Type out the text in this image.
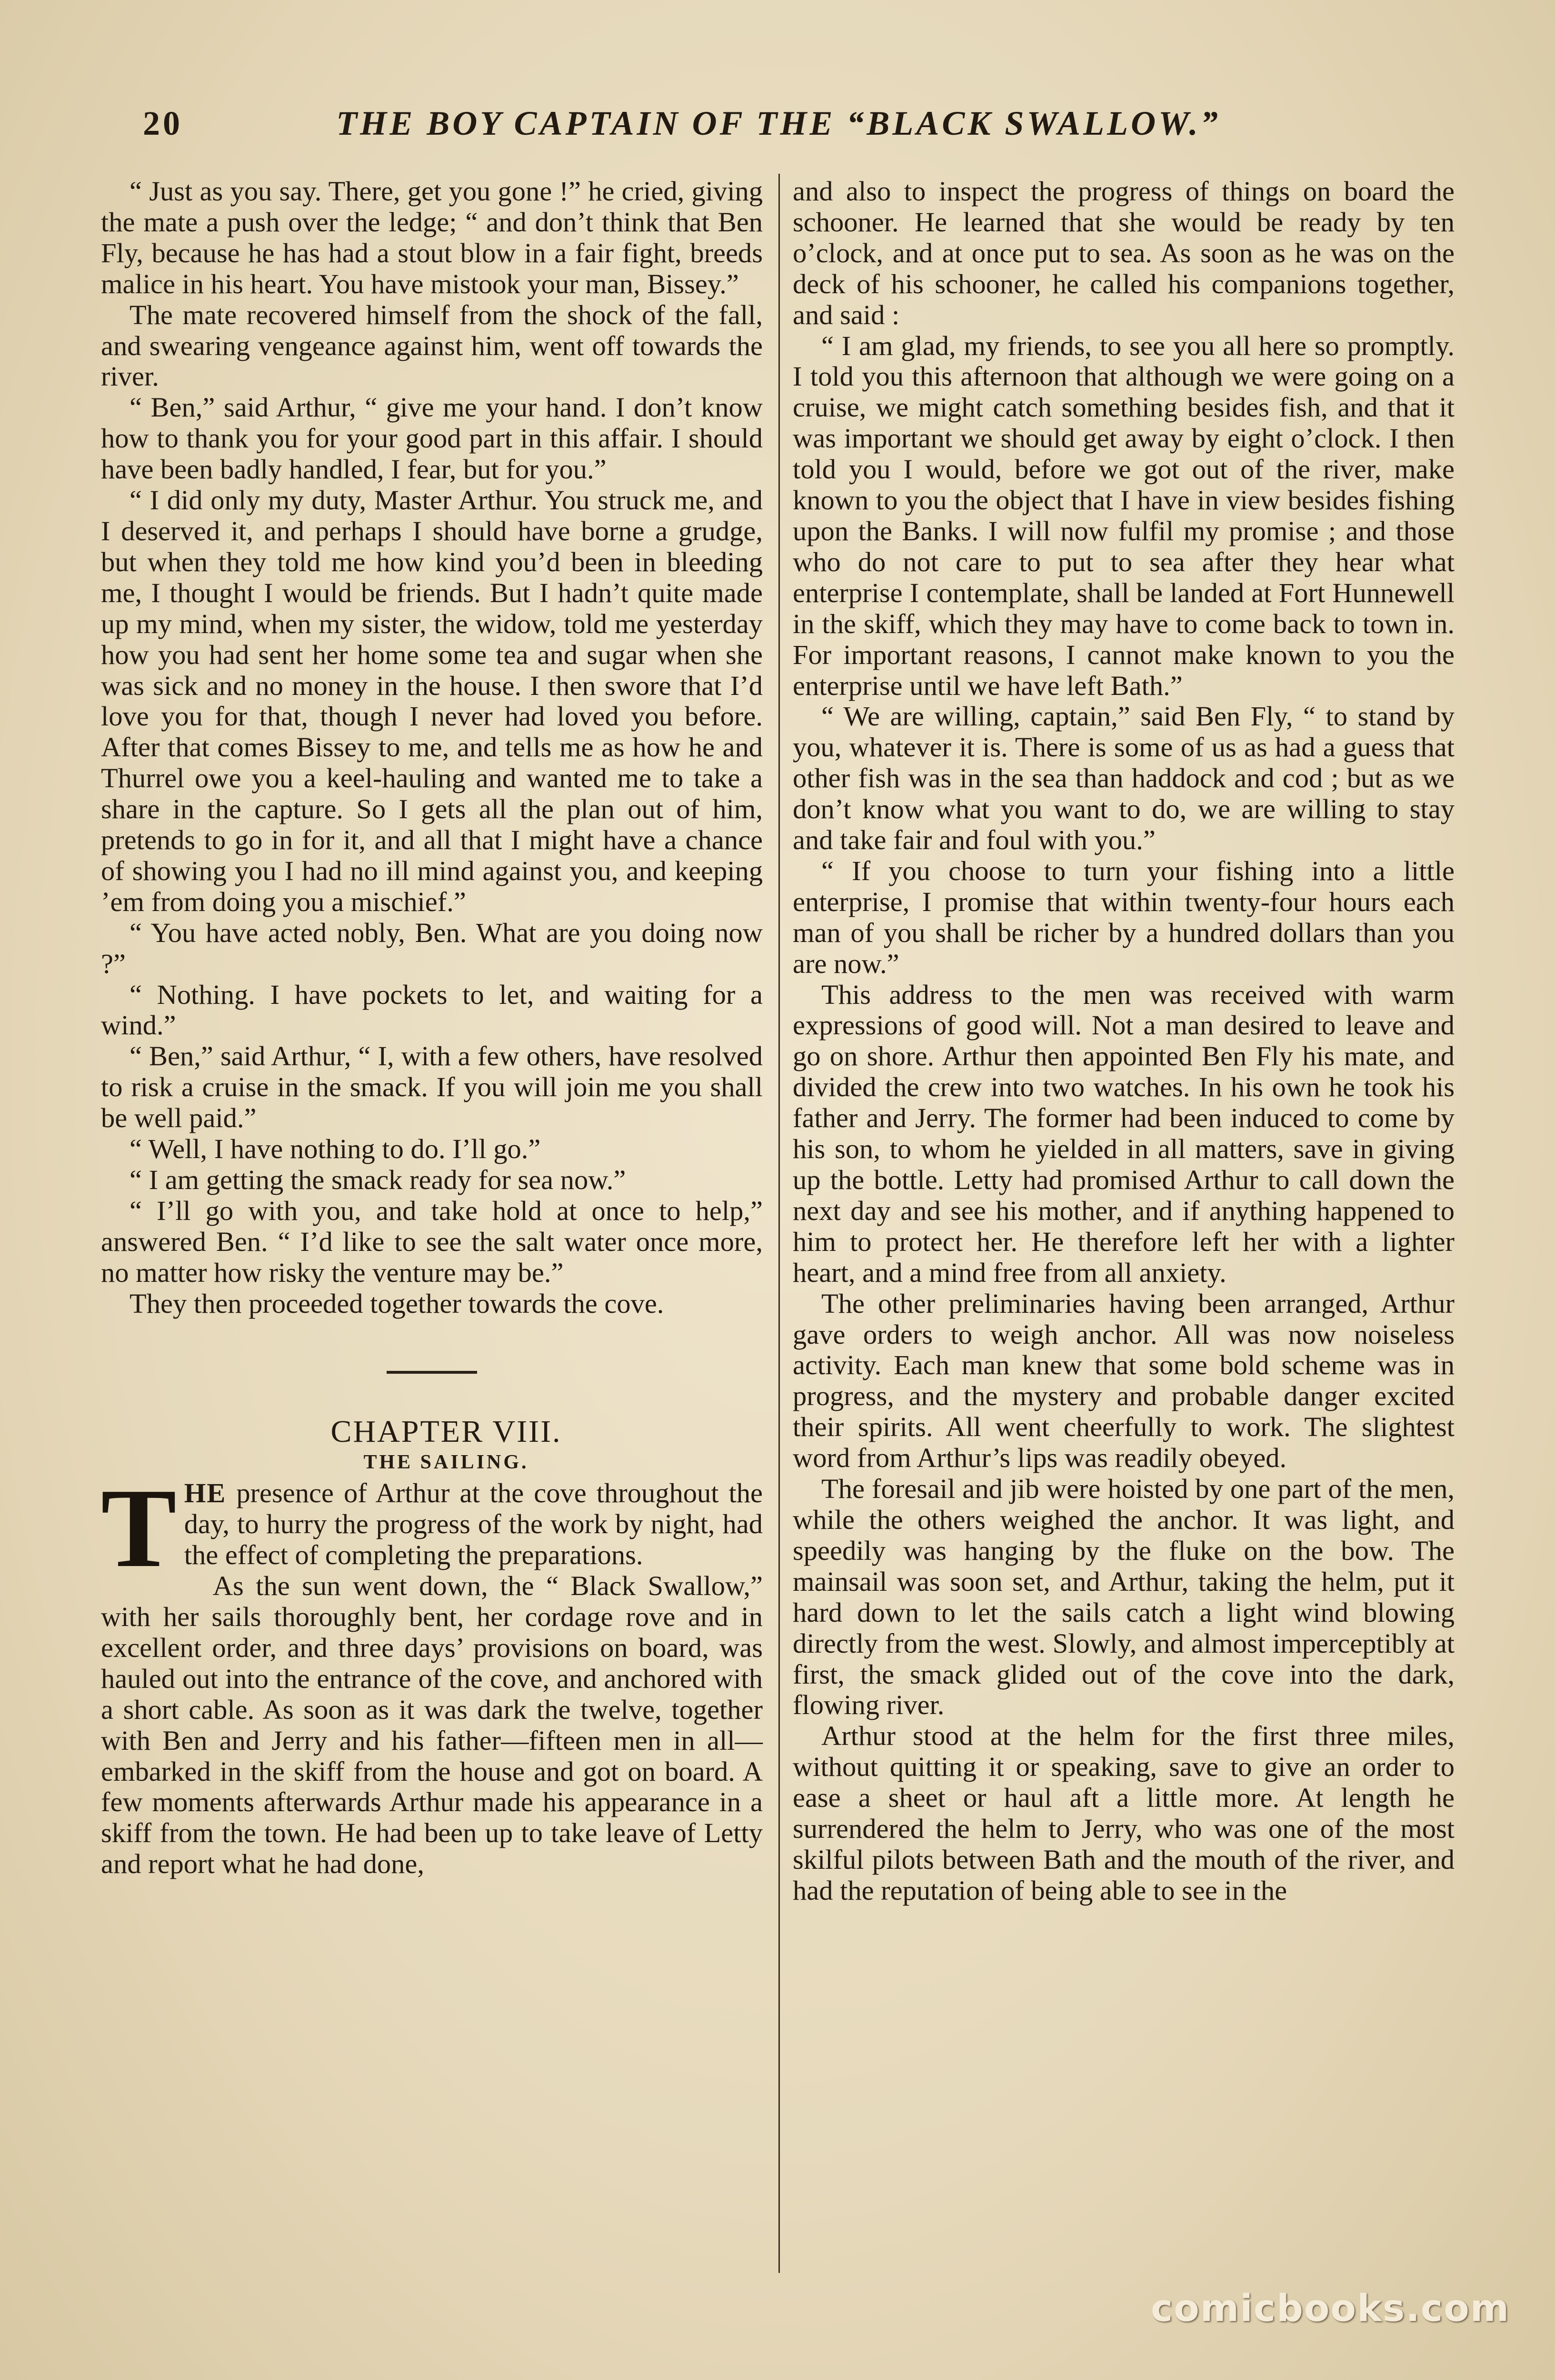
20	THE BOY CAPTAIN OF THE “BLACK SWALLOW.”

“ Just as you say. There, get you gone !” he cried, giving the mate a push over the ledge; “ and don’t think that Ben Fly, because he has had a stout blow in a fair fight, breeds malice in his heart. You have mistook your man, Bissey.”

The mate recovered himself from the shock of the fall, and swearing vengeance against him, went off towards the river.

“ Ben,” said Arthur, “ give me your hand. I don’t know how to thank you for your good part in this affair. I should have been badly handled, I fear, but for you.”

“ I did only my duty, Master Arthur. You struck me, and I deserved it, and perhaps I should have borne a grudge, but when they told me how kind you’d been in bleeding me, I thought I would be friends. But I hadn’t quite made up my mind, when my sister, the widow, told me yesterday how you had sent her home some tea and sugar when she was sick and no money in the house. I then swore that I’d love you for that, though I never had loved you before. After that comes Bissey to me, and tells me as how he and Thurrel owe you a keel-hauling and wanted me to take a share in the capture. So I gets all the plan out of him, pretends to go in for it, and all that I might have a chance of showing you I had no ill mind against you, and keeping ’em from doing you a mischief.”

“ You have acted nobly, Ben. What are you doing now ?”

“ Nothing. I have pockets to let, and waiting for a wind.”

“ Ben,” said Arthur, “ I, with a few others, have resolved to risk a cruise in the smack. If you will join me you shall be well paid.”

“ Well, I have nothing to do. I’ll go.”

“ I am getting the smack ready for sea now.”

“ I’ll go with you, and take hold at once to help,” answered Ben. “ I’d like to see the salt water once more, no matter how risky the venture may be.”

They then proceeded together towards the cove.

CHAPTER VIII.

THE SAILING.

THE presence of Arthur at the cove throughout the day, to hurry the progress of the work by night, had the effect of completing the preparations.

As the sun went down, the “ Black Swallow,” with her sails thoroughly bent, her cordage rove and in excellent order, and three days’ provisions on board, was hauled out into the entrance of the cove, and anchored with a short cable. As soon as it was dark the twelve, together with Ben and Jerry and his father—fifteen men in all—embarked in the skiff from the house and got on board. A few moments afterwards Arthur made his appearance in a skiff from the town. He had been up to take leave of Letty and report what he had done,

and also to inspect the progress of things on board the schooner. He learned that she would be ready by ten o’clock, and at once put to sea. As soon as he was on the deck of his schooner, he called his companions together, and said :

“ I am glad, my friends, to see you all here so promptly. I told you this afternoon that although we were going on a cruise, we might catch something besides fish, and that it was important we should get away by eight o’clock. I then told you I would, before we got out of the river, make known to you the object that I have in view besides fishing upon the Banks. I will now fulfil my promise ; and those who do not care to put to sea after they hear what enterprise I contemplate, shall be landed at Fort Hunnewell in the skiff, which they may have to come back to town in. For important reasons, I cannot make known to you the enterprise until we have left Bath.”

“ We are willing, captain,” said Ben Fly, “ to stand by you, whatever it is. There is some of us as had a guess that other fish was in the sea than haddock and cod ; but as we don’t know what you want to do, we are willing to stay and take fair and foul with you.”

“ If you choose to turn your fishing into a little enterprise, I promise that within twenty-four hours each man of you shall be richer by a hundred dollars than you are now.”

This address to the men was received with warm expressions of good will. Not a man desired to leave and go on shore. Arthur then appointed Ben Fly his mate, and divided the crew into two watches. In his own he took his father and Jerry. The former had been induced to come by his son, to whom he yielded in all matters, save in giving up the bottle. Letty had promised Arthur to call down the next day and see his mother, and if anything happened to him to protect her. He therefore left her with a lighter heart, and a mind free from all anxiety.

The other preliminaries having been arranged, Arthur gave orders to weigh anchor. All was now noiseless activity. Each man knew that some bold scheme was in progress, and the mystery and probable danger excited their spirits. All went cheerfully to work. The slightest word from Arthur’s lips was readily obeyed.

The foresail and jib were hoisted by one part of the men, while the others weighed the anchor. It was light, and speedily was hanging by the fluke on the bow. The mainsail was soon set, and Arthur, taking the helm, put it hard down to let the sails catch a light wind blowing directly from the west. Slowly, and almost imperceptibly at first, the smack glided out of the cove into the dark, flowing river.

Arthur stood at the helm for the first three miles, without quitting it or speaking, save to give an order to ease a sheet or haul aft a little more. At length he surrendered the helm to Jerry, who was one of the most skilful pilots between Bath and the mouth of the river, and had the reputation of being able to see in the

comicbooks.com
